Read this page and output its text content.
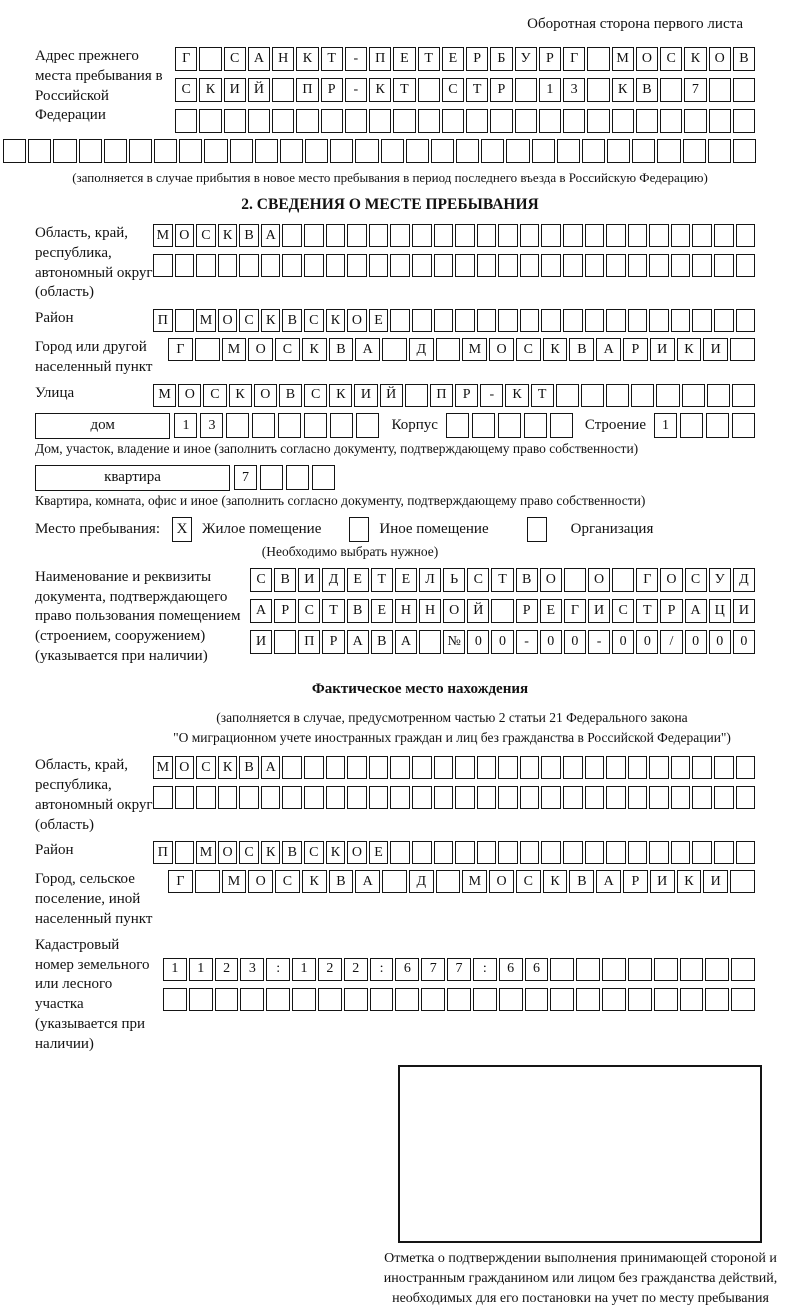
Оборотная сторона первого листа
Адрес прежнего места пребывания в Российской Федерации
Г	С	А	Н	К	Т	-	П	Е	Т	Е	Р	Б	У	Р	Г	М О	С	К	О	В
С	К	И	Й	П	Р	-	К	Т	С	Т	Р	1	3	К	В	7
(заполняется в случае прибытия в новое место пребывания в период последнего въезда в Российскую Федерацию)
2. СВЕДЕНИЯ О МЕСТЕ ПРЕБЫВАНИЯ
Область, край, республика, автономный округ (область)
М О С К В А
Район	П	М О С К В С К О Е
Город или другой населенный пункт
Г	М	О	С	К	В	А	Д	М	О	С	К	В	А	Р	И	К	И
Улица	М О	С	К	О	В	С	К	И	Й	П	Р	-	К	Т
дом	1	3	Корпус	Строение	1
Дом, участок, владение и иное (заполнить согласно документу, подтверждающему право собственности)
квартира	7
Квартира, комната, офис и иное (заполнить согласно документу, подтверждающему право собственности)
Место пребывания:	X Жилое помещение	Иное помещение	Организация
(Необходимо выбрать нужное)
Наименование и реквизиты документа, подтверждающего право пользования помещением (строением, сооружением) (указывается при наличии)
С	В	И	Д	Е	Т	Е	Л	Ь	С	Т	В	О	О	Г	О	С	У	Д
А	Р	С	Т	В	Е	Н	Н	О	Й	Р	Е	Г	И	С	Т	Р	А	Ц	И
И	П	Р	А	В	А	№ 0	0	-	0	0	-	0	0	/	0	0	0
Фактическое место нахождения
(заполняется в случае, предусмотренном частью 2 статьи 21 Федерального закона
"О миграционном учете иностранных граждан и лиц без гражданства в Российской Федерации")
Область, край, республика, автономный округ (область)
М О С К В А
Район	П	М О С К В С К О Е
Город, сельское поселение, иной населенный пункт
Г	М	О	С	К	В	А	Д	М	О	С	К	В	А	Р	И	К	И
Кадастровый номер земельного или лесного участка (указывается при наличии)
1	1	2	3	:	1	2	2	:	6	7	7	:	6	6
Отметка о подтверждении выполнения принимающей стороной и иностранным гражданином или лицом без гражданства действий, необходимых для его постановки на учет по месту пребывания
